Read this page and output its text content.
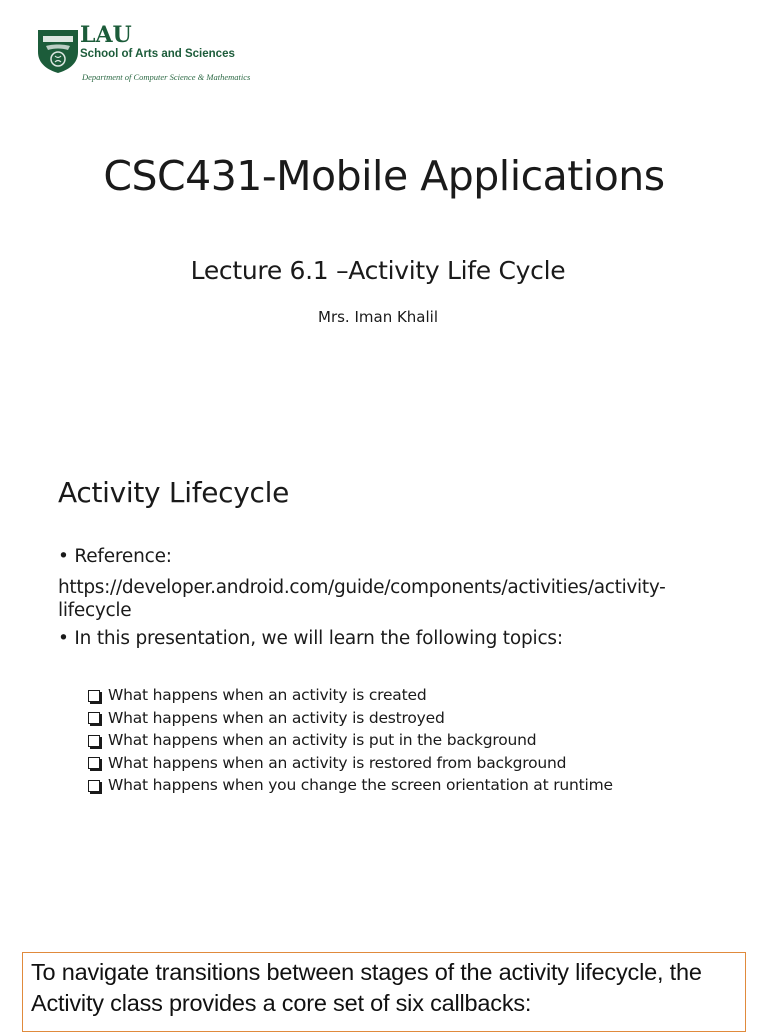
LAU
School of Arts and Sciences
Department of Computer Science & Mathematics
CSC431-Mobile Applications
Lecture 6.1 –Activity Life Cycle
Mrs. Iman Khalil
Activity Lifecycle
• Reference:
https://developer.android.com/guide/components/activities/activity-lifecycle
• In this presentation, we will learn the following topics:
What happens when an activity is created
What happens when an activity is destroyed
What happens when an activity is put in the background
What happens when an activity is restored from background
What happens when you change the screen orientation at runtime
To navigate transitions between stages of the activity lifecycle, the Activity class provides a core set of six callbacks:
